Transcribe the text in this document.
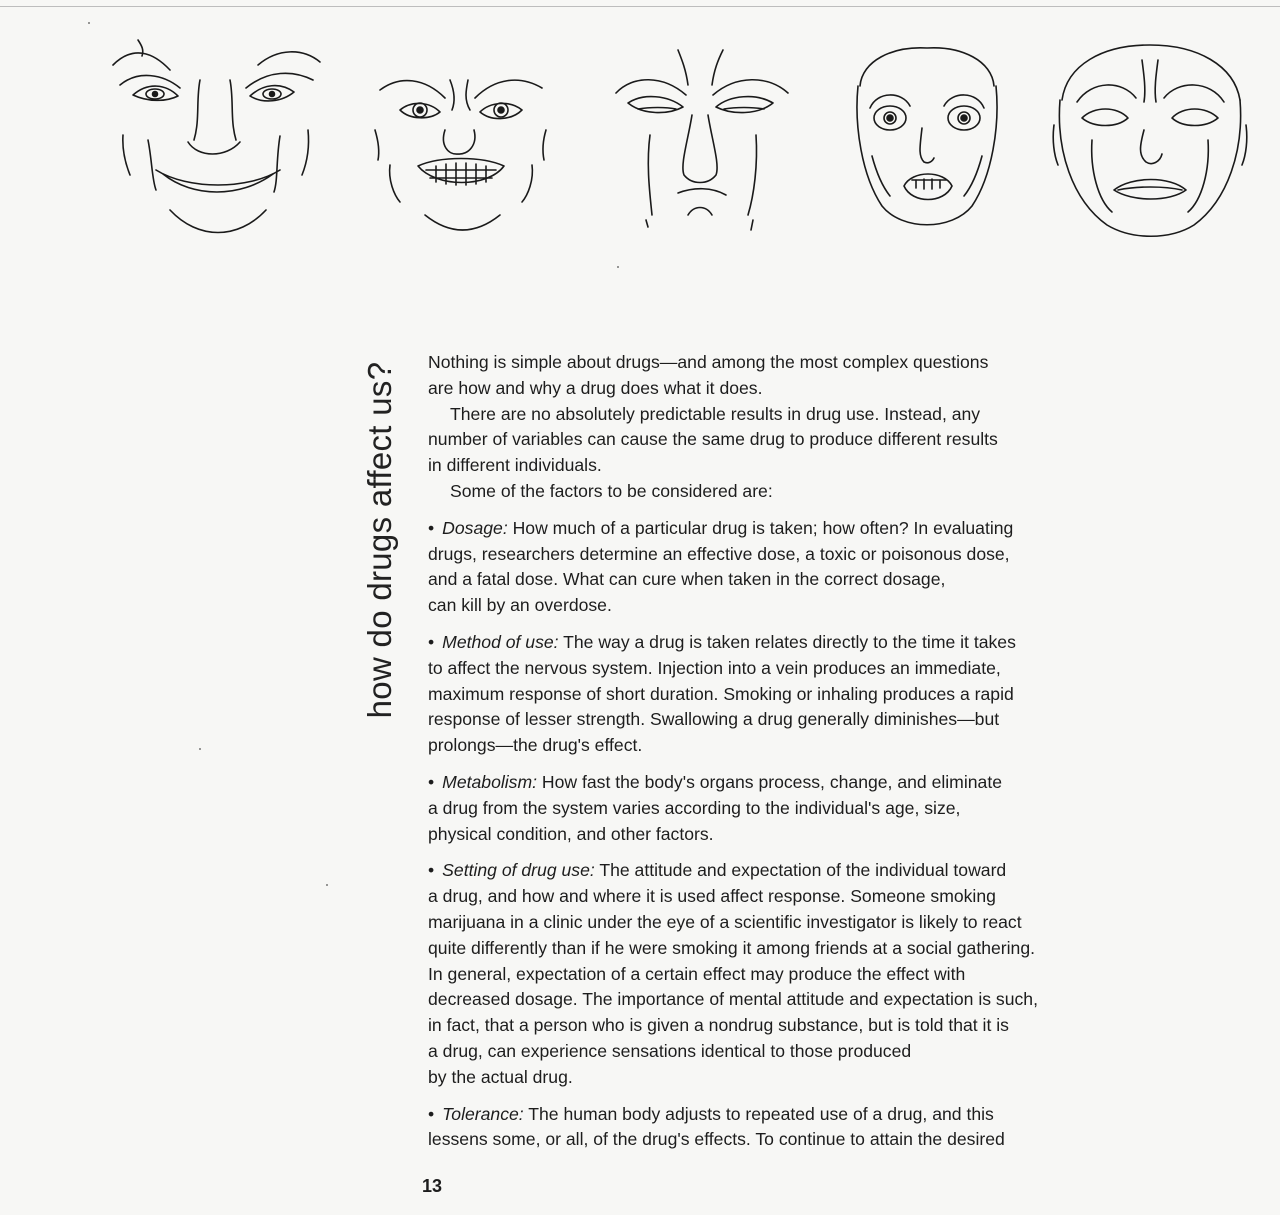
how do drugs affect us? Nothing is simple about drugs—and among the most complex questions
are how and why a drug does what it does.

There are no absolutely predictable results in drug use. Instead, any
number of variables can cause the same drug to produce different results
in different individuals.

Some of the factors to be considered are:

• Dosage: How much of a particular drug is taken; how often? In evaluating
drugs, researchers determine an effective dose, a toxic or poisonous dose,
and a fatal dose. What can cure when taken in the correct dosage,
can kill by an overdose.

• Method of use: The way a drug is taken relates directly to the time it takes
to affect the nervous system. Injection into a vein produces an immediate,
maximum response of short duration. Smoking or inhaling produces a rapid
response of lesser strength. Swallowing a drug generally diminishes—but
prolongs—the drug's effect.

• Metabolism: How fast the body's organs process, change, and eliminate
a drug from the system varies according to the individual's age, size,
physical condition, and other factors.

• Setting of drug use: The attitude and expectation of the individual toward
a drug, and how and where it is used affect response. Someone smoking
marijuana in a clinic under the eye of a scientific investigator is likely to react
quite differently than if he were smoking it among friends at a social gathering.
In general, expectation of a certain effect may produce the effect with
decreased dosage. The importance of mental attitude and expectation is such,
in fact, that a person who is given a nondrug substance, but is told that it is
a drug, can experience sensations identical to those produced
by the actual drug.

• Tolerance: The human body adjusts to repeated use of a drug, and this
lessens some, or all, of the drug's effects. To continue to attain the desired

13
